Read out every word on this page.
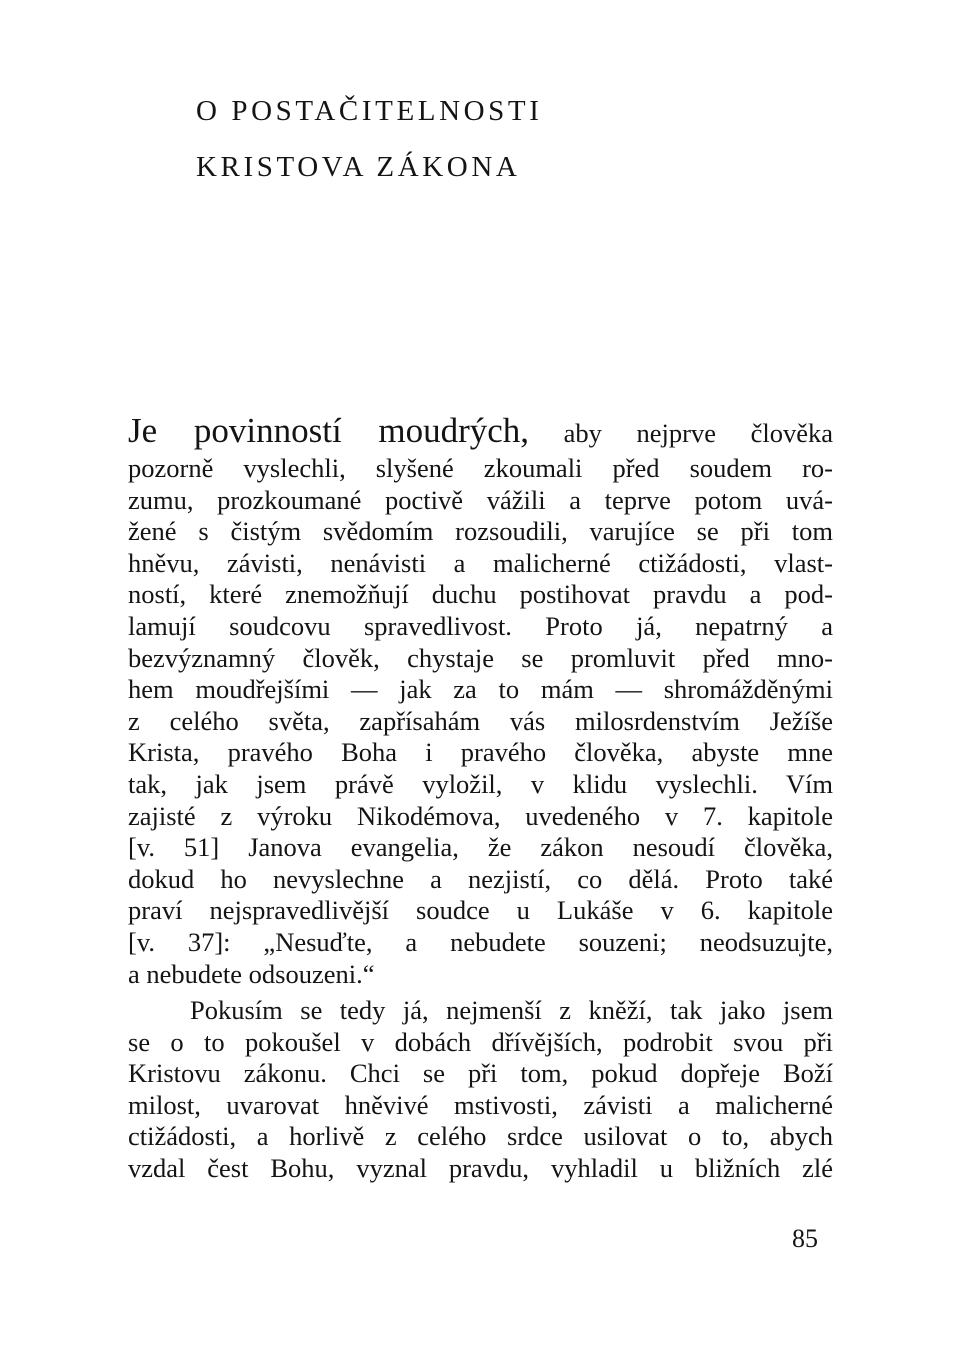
O POSTAČITELNOSTI
KRISTOVA ZÁKONA
Je povinností moudrých, aby nejprve člověka
pozorně vyslechli, slyšené zkoumali před soudem ro-
zumu, prozkoumané poctivě vážili a teprve potom uvá-
žené s čistým svědomím rozsoudili, varujíce se při tom
hněvu, závisti, nenávisti a malicherné ctižádosti, vlast-
ností, které znemožňují duchu postihovat pravdu a pod-
lamují soudcovu spravedlivost. Proto já, nepatrný a
bezvýznamný člověk, chystaje se promluvit před mno-
hem moudřejšími — jak za to mám — shromážděnými
z celého světa, zapřísahám vás milosrdenstvím Ježíše
Krista, pravého Boha i pravého člověka, abyste mne
tak, jak jsem právě vyložil, v klidu vyslechli. Vím
zajisté z výroku Nikodémova, uvedeného v 7. kapitole
[v. 51] Janova evangelia, že zákon nesoudí člověka,
dokud ho nevyslechne a nezjistí, co dělá. Proto také
praví nejspravedlivější soudce u Lukáše v 6. kapitole
[v. 37]: „Nesuďte, a nebudete souzeni; neodsuzujte,
a nebudete odsouzeni.“
Pokusím se tedy já, nejmenší z kněží, tak jako jsem
se o to pokoušel v dobách dřívějších, podrobit svou při
Kristovu zákonu. Chci se při tom, pokud dopřeje Boží
milost, uvarovat hněvivé mstivosti, závisti a malicherné
ctižádosti, a horlivě z celého srdce usilovat o to, abych
vzdal čest Bohu, vyznal pravdu, vyhladil u bližních zlé
85
